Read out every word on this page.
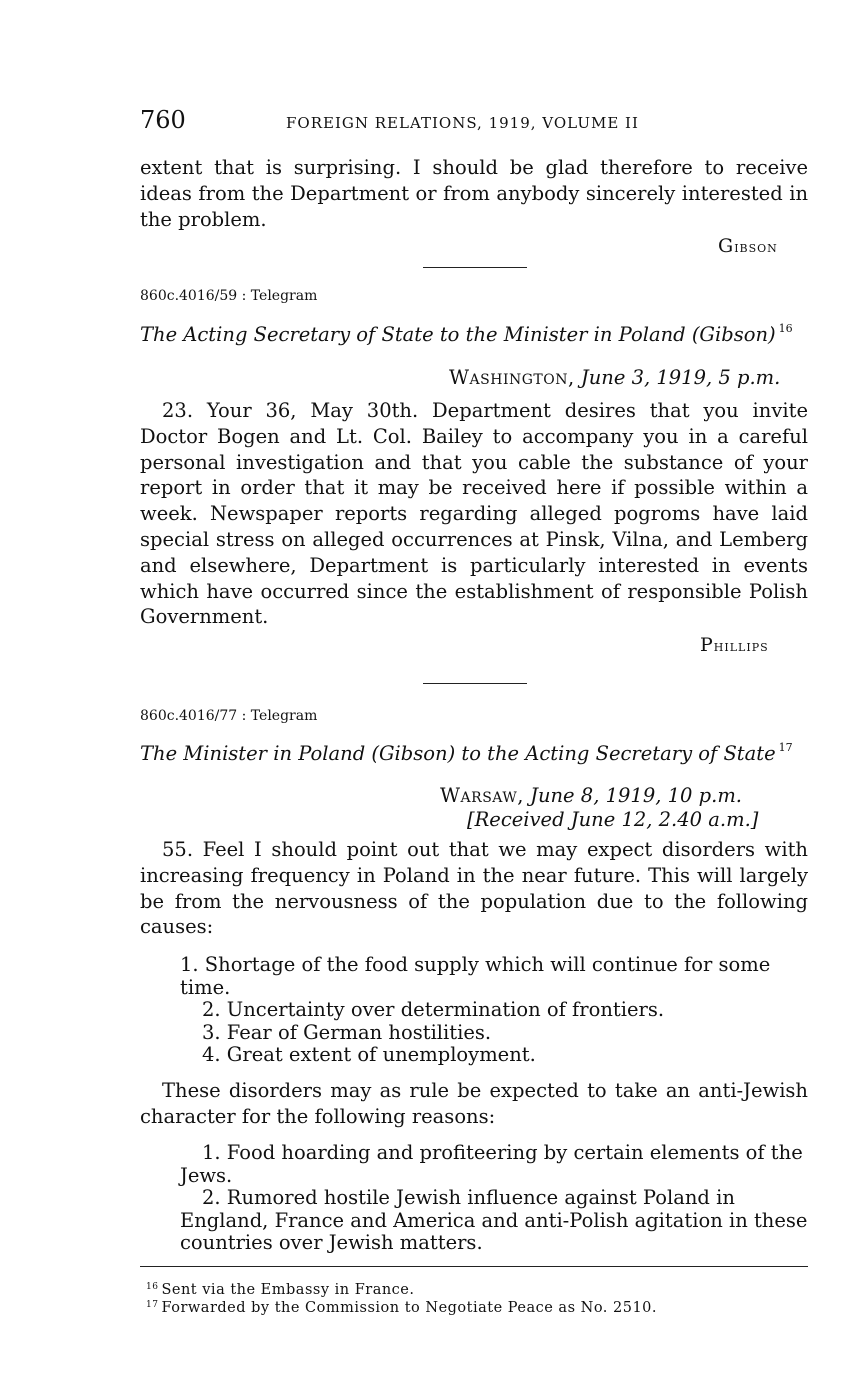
760	FOREIGN RELATIONS, 1919, VOLUME II
extent that is surprising. I should be glad therefore to receive ideas from the Department or from anybody sincerely interested in the problem.
Gibson
860c.4016/59 : Telegram
The Acting Secretary of State to the Minister in Poland (Gibson) $^{16}$
Washington, June 3, 1919, 5 p.m.
23. Your 36, May 30th. Department desires that you invite Doctor Bogen and Lt. Col. Bailey to accompany you in a careful personal investigation and that you cable the substance of your report in order that it may be received here if possible within a week. Newspaper reports regarding alleged pogroms have laid special stress on alleged occurrences at Pinsk, Vilna, and Lemberg and elsewhere, Department is particularly interested in events which have occurred since the establishment of responsible Polish Government.
Phillips
860c.4016/77 : Telegram
The Minister in Poland (Gibson) to the Acting Secretary of State $^{17}$
Warsaw, June 8, 1919, 10 p.m.
[Received June 12, 2.40 a.m.]
55. Feel I should point out that we may expect disorders with increasing frequency in Poland in the near future. This will largely be from the nervousness of the population due to the following causes:
1. Shortage of the food supply which will continue for some time.
2. Uncertainty over determination of frontiers.
3. Fear of German hostilities.
4. Great extent of unemployment.
These disorders may as rule be expected to take an anti-Jewish character for the following reasons:
1. Food hoarding and profiteering by certain elements of the Jews.
2. Rumored hostile Jewish influence against Poland in England, France and America and anti-Polish agitation in these countries over Jewish matters.
$^{16}$ Sent via the Embassy in France.
$^{17}$ Forwarded by the Commission to Negotiate Peace as No. 2510.
